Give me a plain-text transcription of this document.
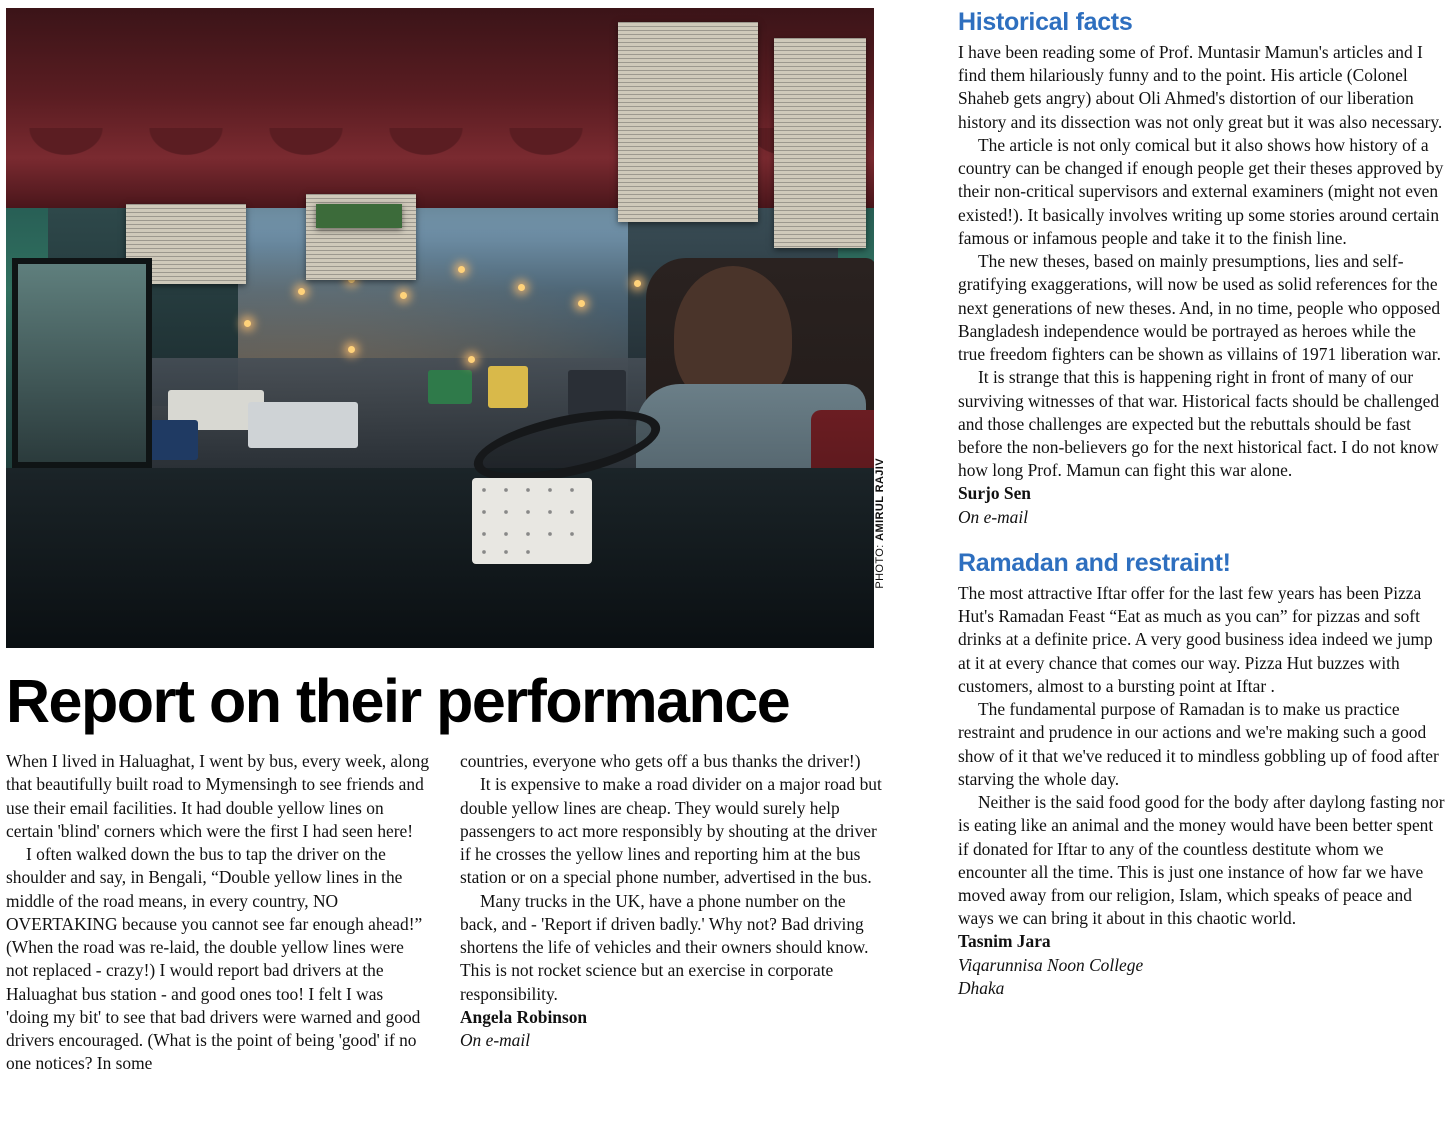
PHOTO: AMIRUL RAJIV
Report on their performance

When I lived in Haluaghat, I went by bus, every week, along that beautifully built road to Mymensingh to see friends and use their email facilities. It had double yellow lines on certain 'blind' corners which were the first I had seen here!

I often walked down the bus to tap the driver on the shoulder and say, in Bengali, “Double yellow lines in the middle of the road means, in every country, NO OVERTAKING because you cannot see far enough ahead!” (When the road was re-laid, the double yellow lines were not replaced - crazy!) I would report bad drivers at the Haluaghat bus station - and good ones too! I felt I was 'doing my bit' to see that bad drivers were warned and good drivers encouraged. (What is the point of being 'good' if no one notices? In some

countries, everyone who gets off a bus thanks the driver!)

It is expensive to make a road divider on a major road but double yellow lines are cheap. They would surely help passengers to act more responsibly by shouting at the driver if he crosses the yellow lines and reporting him at the bus station or on a special phone number, advertised in the bus.

Many trucks in the UK, have a phone number on the back, and - 'Report if driven badly.' Why not? Bad driving shortens the life of vehicles and their owners should know. This is not rocket science but an exercise in corporate responsibility.

Angela Robinson

On e-mail

Historical facts

I have been reading some of Prof. Muntasir Mamun's articles and I find them hilariously funny and to the point. His article (Colonel Shaheb gets angry) about Oli Ahmed's distortion of our liberation history and its dissection was not only great but it was also necessary.

The article is not only comical but it also shows how history of a country can be changed if enough people get their theses approved by their non-critical supervisors and external examiners (might not even existed!). It basically involves writing up some stories around certain famous or infamous people and take it to the finish line.

The new theses, based on mainly presumptions, lies and self-gratifying exaggerations, will now be used as solid references for the next generations of new theses. And, in no time, people who opposed Bangladesh independence would be portrayed as heroes while the true freedom fighters can be shown as villains of 1971 liberation war.

It is strange that this is happening right in front of many of our surviving witnesses of that war. Historical facts should be challenged and those challenges are expected but the rebuttals should be fast before the non-believers go for the next historical fact. I do not know how long Prof. Mamun can fight this war alone.

Surjo Sen

On e-mail

Ramadan and restraint!

The most attractive Iftar offer for the last few years has been Pizza Hut's Ramadan Feast “Eat as much as you can” for pizzas and soft drinks at a definite price. A very good business idea indeed we jump at it at every chance that comes our way. Pizza Hut buzzes with customers, almost to a bursting point at Iftar .

The fundamental purpose of Ramadan is to make us practice restraint and prudence in our actions and we're making such a good show of it that we've reduced it to mindless gobbling up of food after starving the whole day.

Neither is the said food good for the body after daylong fasting nor is eating like an animal and the money would have been better spent if donated for Iftar to any of the countless destitute whom we encounter all the time. This is just one instance of how far we have moved away from our religion, Islam, which speaks of peace and ways we can bring it about in this chaotic world.

Tasnim Jara

Viqarunnisa Noon College

Dhaka
